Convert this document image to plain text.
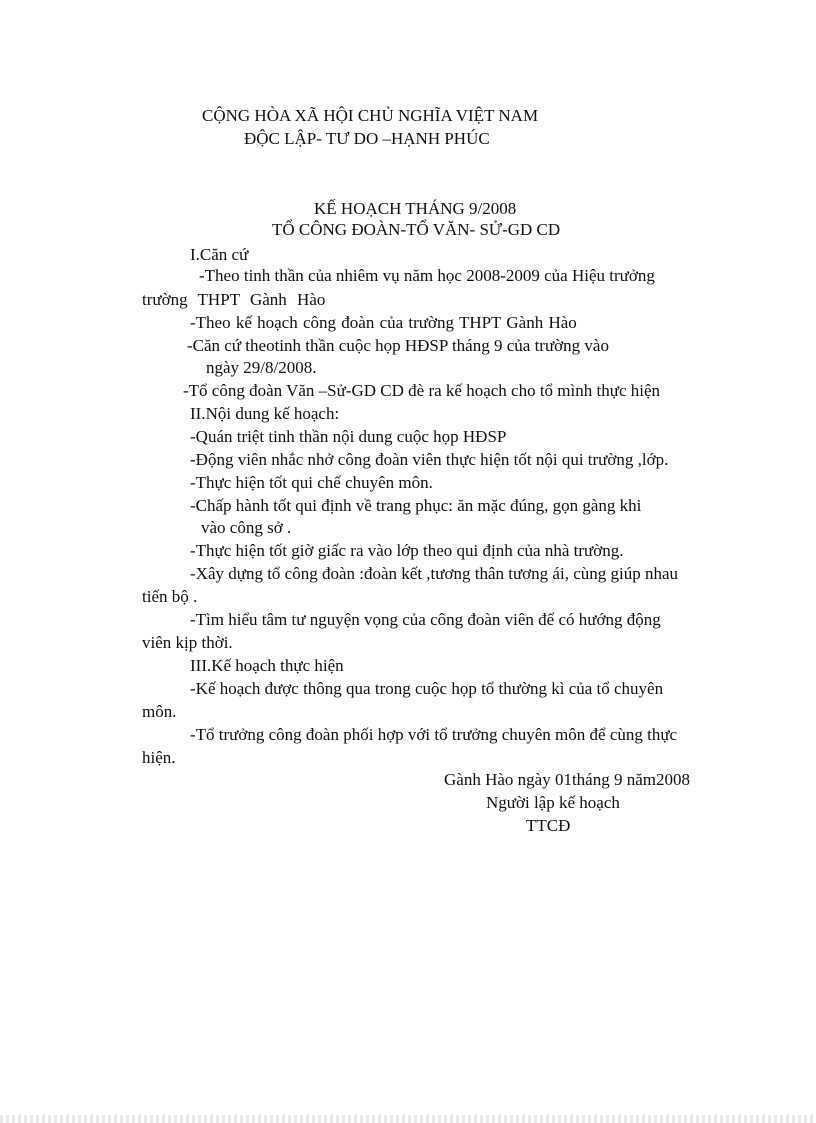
CỘNG HÒA XÃ HỘI CHỦ NGHĨA VIỆT NAM
ĐỘC LẬP- TƯ DO –HẠNH PHÚC
KẾ HOẠCH THÁNG 9/2008
TỔ CÔNG ĐOÀN-TỔ VĂN- SỬ-GD CD
I.Căn cứ
-Theo tinh thần của nhiêm vụ năm học 2008-2009 của Hiệu trưởng
trường THPT Gành Hào
-Theo kế hoạch công đoàn của trường THPT Gành Hào
-Căn cứ theotinh thần cuộc họp HĐSP tháng 9 của trường vào
ngày 29/8/2008.
-Tổ công đoàn Văn –Sử-GD CD đè ra kế hoạch cho tổ mình thực hiện
II.Nội dung kế hoạch:
-Quán triệt tinh thần nội dung cuộc họp HĐSP
-Động viên nhắc nhở công đoàn viên thực hiện tốt nội qui trường ,lớp.
-Thực hiện tốt qui chế chuyên môn.
-Chấp hành tốt qui định về trang phục: ăn mặc đúng, gọn gàng khi
vào công sở .
-Thực hiện tốt giờ giấc ra vào lớp theo qui định của nhà trường.
-Xây dựng tổ công đoàn :đoàn kết ,tương thân tương ái, cùng giúp nhau
tiến bộ .
-Tìm hiểu tâm tư nguyện vọng của công đoàn viên để có hướng động
viên kịp thời.
III.Kế hoạch thực hiện
-Kế hoạch được thông qua trong cuộc họp tổ thường kì của tổ chuyên
môn.
-Tổ trưởng công đoàn phối hợp với tổ trưởng chuyên môn để cùng thực
hiện.
Gành Hào ngày 01tháng 9 năm2008
Người lập kế hoạch
TTCĐ
